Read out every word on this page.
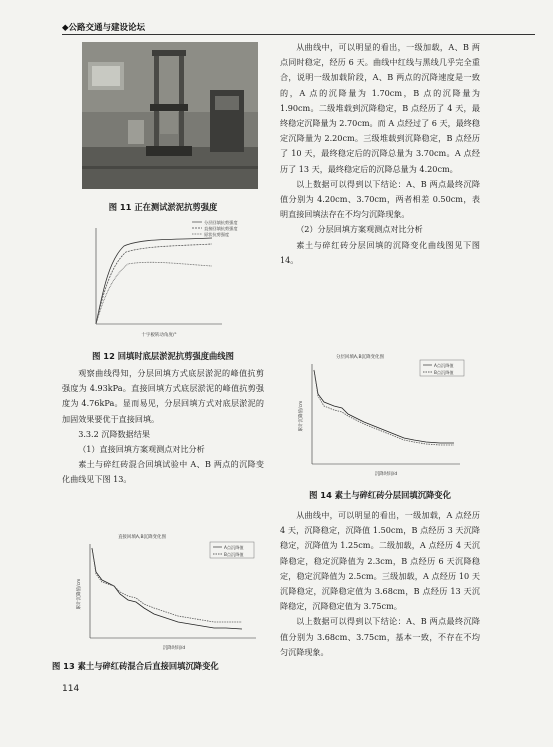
◆公路交通与建设论坛
图 11 正在测试淤泥抗剪强度
分层回填抗剪强度
直接回填抗剪强度
原状抗剪强度
十字板转动角度/°
图 12 回填时底层淤泥抗剪强度曲线图

观察曲线得知，分层回填方式底层淤泥的峰值抗剪强度为 4.93kPa。直接回填方式底层淤泥的峰值抗剪强度为 4.76kPa。显而易见，分层回填方式对底层淤泥的加固效果要优于直接回填。

3.3.2 沉降数据结果

（1）直接回填方案观测点对比分析

素土与碎红砖混合回填试验中 A、B 两点的沉降变化曲线见下图 13。

直接回填A,B沉降变化图
A点沉降值
B点沉降值
累计沉降值/cm
沉降时间/d
图 13 素土与碎红砖混合后直接回填沉降变化
114

从曲线中，可以明显的看出，一级加载，A、B 两点同时稳定，经历 6 天。曲线中红线与黑线几乎完全重合，说明一级加载阶段，A、B 两点的沉降速度是一致的，A 点的沉降量为 1.70cm，B 点的沉降量为 1.90cm。二级堆载到沉降稳定，B 点经历了 4 天，最终稳定沉降量为 2.70cm。而 A 点经过了 6 天，最终稳定沉降量为 2.20cm。三级堆载到沉降稳定，B 点经历了 10 天，最终稳定后的沉降总量为 3.70cm。A 点经历了 13 天，最终稳定后的沉降总量为 4.20cm。

以上数据可以得到以下结论：A、B 两点最终沉降值分别为 4.20cm、3.70cm，两者相差 0.50cm，表明直接回填法存在不均匀沉降现象。

（2）分层回填方案观测点对比分析

素土与碎红砖分层回填的沉降变化曲线图见下图 14。

分层回填A,B沉降变化图
A点沉降值
B点沉降值
累计沉降值/cm
沉降时间/d
图 14 素土与碎红砖分层回填沉降变化

从曲线中，可以明显的看出，一级加载，A 点经历 4 天，沉降稳定，沉降值 1.50cm，B 点经历 3 天沉降稳定，沉降值为 1.25cm。二级加载，A 点经历 4 天沉降稳定，稳定沉降值为 2.3cm，B 点经历 6 天沉降稳定，稳定沉降值为 2.5cm。三级加载，A 点经历 10 天沉降稳定，沉降稳定值为 3.68cm，B 点经历 13 天沉降稳定，沉降稳定值为 3.75cm。

以上数据可以得到以下结论：A、B 两点最终沉降值分别为 3.68cm、3.75cm，基本一致，不存在不均匀沉降现象。
